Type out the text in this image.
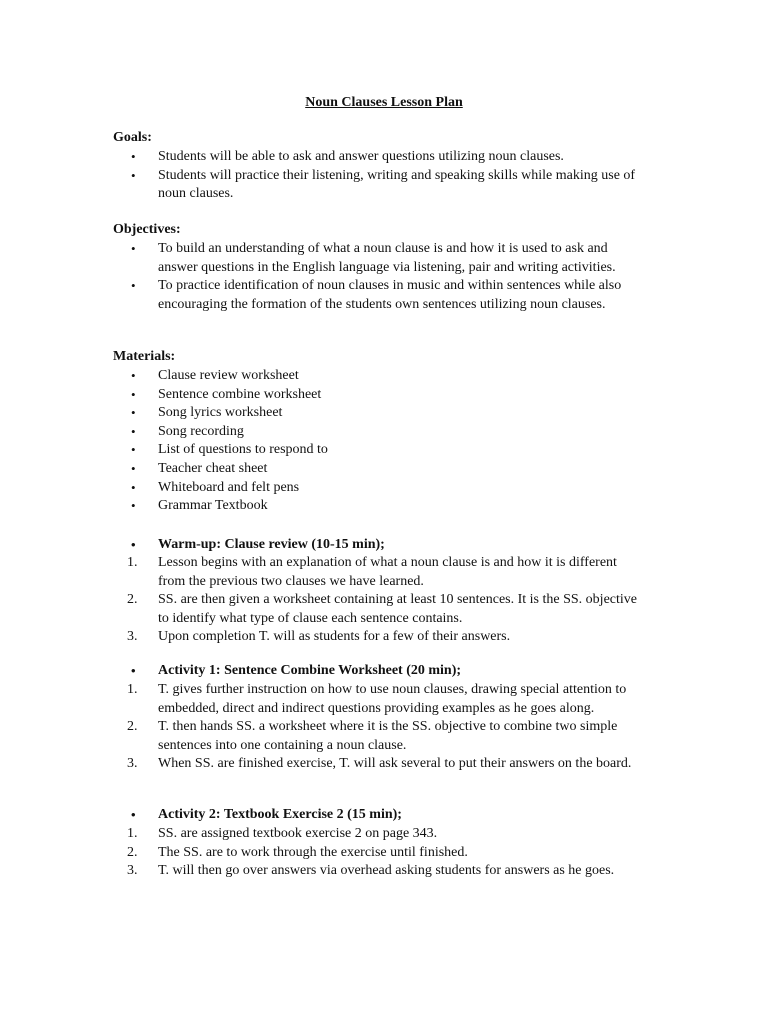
Noun Clauses Lesson Plan
Goals:
•	Students will be able to ask and answer questions utilizing noun clauses.
•	Students will practice their listening, writing and speaking skills while making use of noun clauses.
Objectives:
•	To build an understanding of what a noun clause is and how it is used to ask and answer questions in the English language via listening, pair and writing activities.
•	To practice identification of noun clauses in music and within sentences while also encouraging the formation of the students own sentences utilizing noun clauses.
Materials:
•	Clause review worksheet
•	Sentence combine worksheet
•	Song lyrics worksheet
•	Song recording
•	List of questions to respond to
•	Teacher cheat sheet
•	Whiteboard and felt pens
•	Grammar Textbook
•	Warm-up: Clause review (10-15 min);
1.	Lesson begins with an explanation of what a noun clause is and how it is different from the previous two clauses we have learned.
2.	SS. are then given a worksheet containing at least 10 sentences. It is the SS. objective to identify what type of clause each sentence contains.
3.	Upon completion T. will as students for a few of their answers.
•	Activity 1: Sentence Combine Worksheet (20 min);
1.	T. gives further instruction on how to use noun clauses, drawing special attention to embedded, direct and indirect questions providing examples as he goes along.
2.	T. then hands SS. a worksheet where it is the SS. objective to combine two simple sentences into one containing a noun clause.
3.	When SS. are finished exercise, T. will ask several to put their answers on the board.
•	Activity 2: Textbook Exercise 2 (15 min);
1.	SS. are assigned textbook exercise 2 on page 343.
2.	The SS. are to work through the exercise until finished.
3.	T. will then go over answers via overhead asking students for answers as he goes.
